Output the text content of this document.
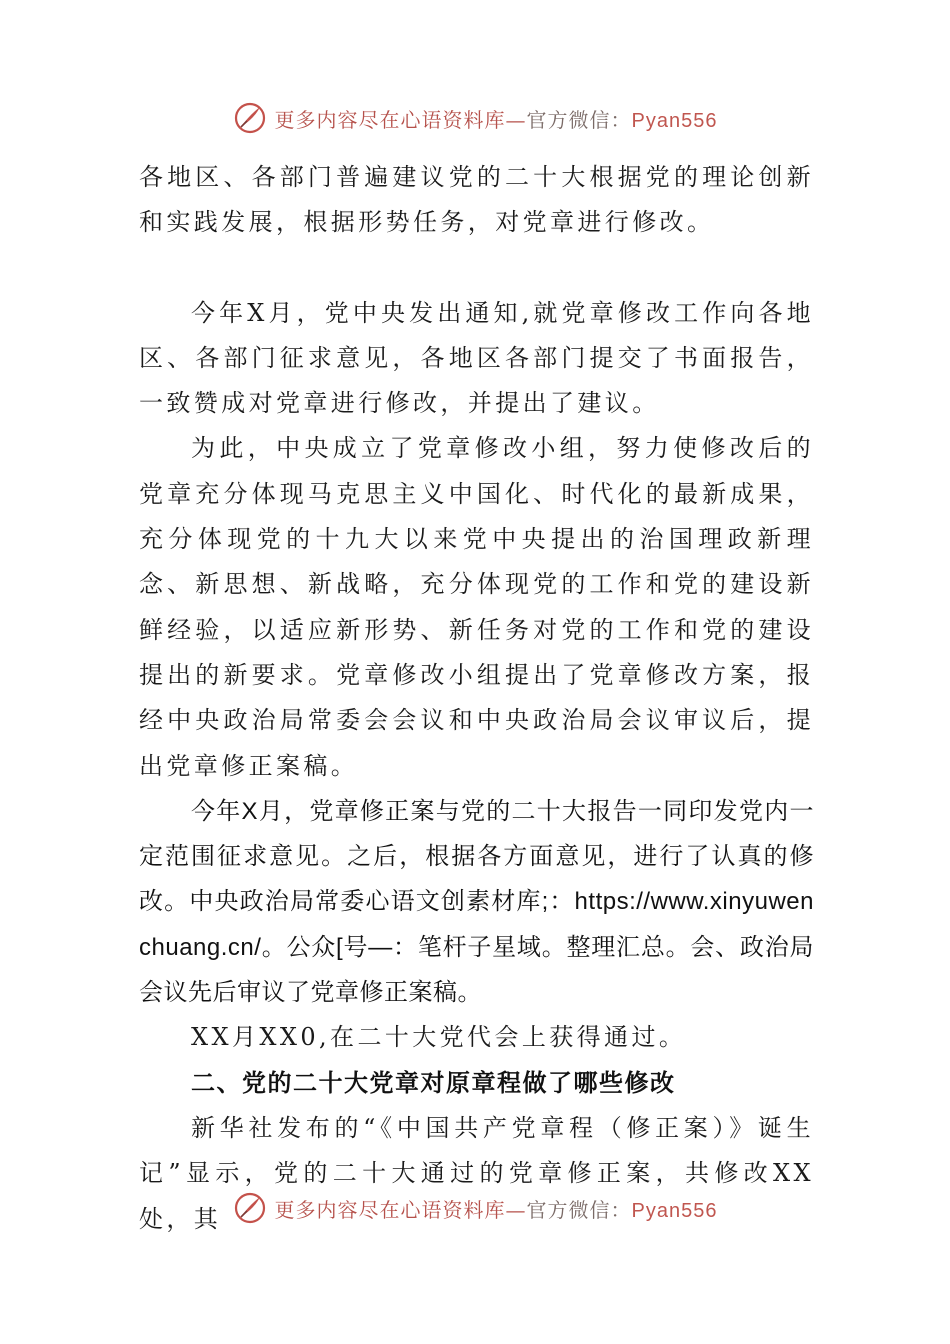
更多内容尽在心语资料库—官方微信：Pyan556

各地区、各部门普遍建议党的二十大根据党的理论创新和实践发展，根据形势任务，对党章进行修改。

今年X月，党中央发出通知,就党章修改工作向各地区、各部门征求意见，各地区各部门提交了书面报告，一致赞成对党章进行修改，并提出了建议。

为此，中央成立了党章修改小组，努力使修改后的党章充分体现马克思主义中国化、时代化的最新成果，充分体现党的十九大以来党中央提出的治国理政新理念、新思想、新战略，充分体现党的工作和党的建设新鲜经验，以适应新形势、新任务对党的工作和党的建设提出的新要求。党章修改小组提出了党章修改方案，报经中央政治局常委会会议和中央政治局会议审议后，提出党章修正案稿。

今年X月，党章修正案与党的二十大报告一同印发党内一定范围征求意见。之后，根据各方面意见，进行了认真的修改。中央政治局常委心语文创素材库;：https://www.xinyuwenchuang.cn/。公众[号—：笔杆子星域。整理汇总。会、政治局会议先后审议了党章修正案稿。

XX月XX0,在二十大党代会上获得通过。

二、党的二十大党章对原章程做了哪些修改

新华社发布的“《中国共产党章程（修正案）》诞生记”显示，党的二十大通过的党章修正案，共修改XX处，其	更多内容尽在心语资料库—官方微信：Pyan556
